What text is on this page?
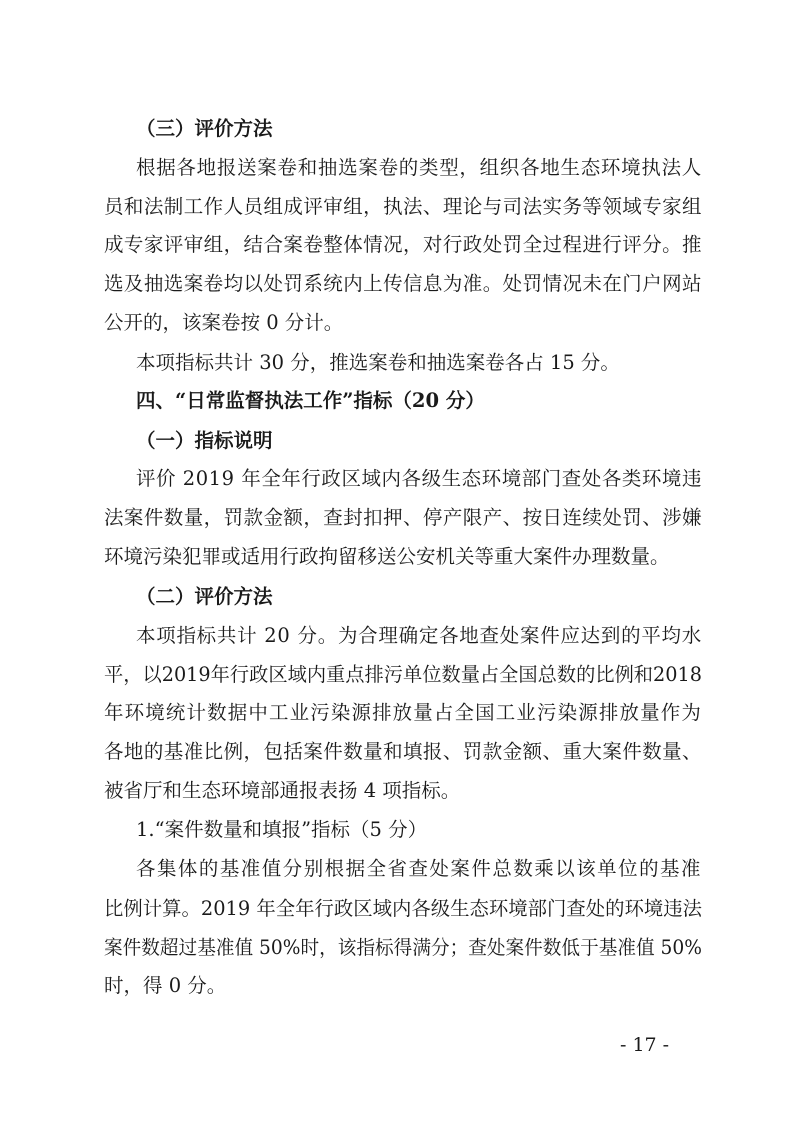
（三）评价方法
根据各地报送案卷和抽选案卷的类型，组织各地生态环境执法人
员和法制工作人员组成评审组，执法、理论与司法实务等领域专家组
成专家评审组，结合案卷整体情况，对行政处罚全过程进行评分。推
选及抽选案卷均以处罚系统内上传信息为准。处罚情况未在门户网站
公开的，该案卷按 0 分计。
本项指标共计 30 分，推选案卷和抽选案卷各占 15 分。
四、“日常监督执法工作”指标（20 分）
（一）指标说明
评价 2019 年全年行政区域内各级生态环境部门查处各类环境违
法案件数量，罚款金额，查封扣押、停产限产、按日连续处罚、涉嫌
环境污染犯罪或适用行政拘留移送公安机关等重大案件办理数量。
（二）评价方法
本项指标共计 20 分。为合理确定各地查处案件应达到的平均水
平，以2019年行政区域内重点排污单位数量占全国总数的比例和2018
年环境统计数据中工业污染源排放量占全国工业污染源排放量作为
各地的基准比例，包括案件数量和填报、罚款金额、重大案件数量、
被省厅和生态环境部通报表扬 4 项指标。
1.“案件数量和填报”指标（5 分）
各集体的基准值分别根据全省查处案件总数乘以该单位的基准
比例计算。2019 年全年行政区域内各级生态环境部门查处的环境违法
案件数超过基准值 50%时，该指标得满分；查处案件数低于基准值 50%
时，得 0 分。
- 17 -
